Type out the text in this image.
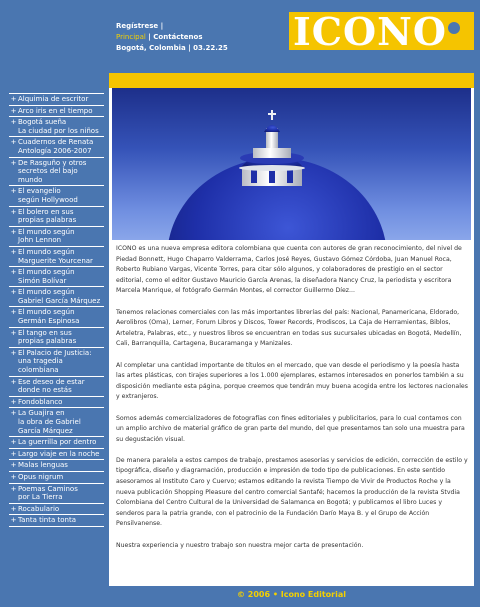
Regístrese |
Principal | Contáctenos
Bogotá, Colombia | 03.22.25	ICONO
+ Alquimia de escritor
+ Arco iris en el tiempo
+ Bogotá sueña
La ciudad por los niños
+ Cuadernos de Renata
Antología 2006-2007
+ De Rasguño y otros
secretos del bajo
mundo
+ El evangelio
según Hollywood
+ El bolero en sus
propias palabras
+ El mundo según
John Lennon
+ El mundo según
Marguerite Yourcenar
+ El mundo según
Simón Bolívar
+ El mundo según
Gabriel García Márquez
+ El mundo según
Germán Espinosa
+ El tango en sus
propias palabras
+ El Palacio de Justicia:
una tragedia
colombiana
+ Ese deseo de estar
donde no estás
+ Fondoblanco
+ La Guajira en
la obra de Gabriel
García Márquez
+ La guerrilla por dentro
+ Largo viaje en la noche
+ Malas lenguas
+ Opus nigrum
+ Poemas Caminos
por La Tierra
+ Rocabulario
+ Tanta tinta tonta

ICONO es una nueva empresa editora colombiana que cuenta con autores de gran reconocimiento, del nivel de Piedad Bonnett, Hugo Chaparro Valderrama, Carlos José Reyes, Gustavo Gómez Córdoba, Juan Manuel Roca, Roberto Rubiano Vargas, Vicente Torres, para citar sólo algunos, y colaboradores de prestigio en el sector editorial, como el editor Gustavo Mauricio García Arenas, la diseñadora Nancy Cruz, la periodista y escritora Marcela Manrique, el fotógrafo Germán Montes, el corrector Guillermo Díez...

Tenemos relaciones comerciales con las más importantes librerías del país: Nacional, Panamericana, Eldorado, Aerolibros (Oma), Lerner, Forum Libros y Discos, Tower Records, Prodiscos, La Caja de Herramientas, Biblos, Arteletra, Palabras, etc., y nuestros libros se encuentran en todas sus sucursales ubicadas en Bogotá, Medellín, Cali, Barranquilla, Cartagena, Bucaramanga y Manizales.

Al completar una cantidad importante de títulos en el mercado, que van desde el periodismo y la poesía hasta las artes plásticas, con tirajes superiores a los 1.000 ejemplares, estamos interesados en ponerlos también a su disposición mediante esta página, porque creemos que tendrán muy buena acogida entre los lectores nacionales y extranjeros.

Somos además comercializadores de fotografías con fines editoriales y publicitarios, para lo cual contamos con un amplio archivo de material gráfico de gran parte del mundo, del que presentamos tan solo una muestra para su degustación visual.

De manera paralela a estos campos de trabajo, prestamos asesorías y servicios de edición, corrección de estilo y tipográfica, diseño y diagramación, producción e impresión de todo tipo de publicaciones. En este sentido asesoramos al Instituto Caro y Cuervo; estamos editando la revista Tiempo de Vivir de Productos Roche y la nueva publicación Shopping Pleasure del centro comercial Santafé; hacemos la producción de la revista Stvdia Colombiana del Centro Cultural de la Universidad de Salamanca en Bogotá; y publicamos el libro Luces y senderos para la patria grande, con el patrocinio de la Fundación Darío Maya B. y el Grupo de Acción Pensilvanense.

Nuestra experiencia y nuestro trabajo son nuestra mejor carta de presentación.

© 2006 • Icono Editorial
